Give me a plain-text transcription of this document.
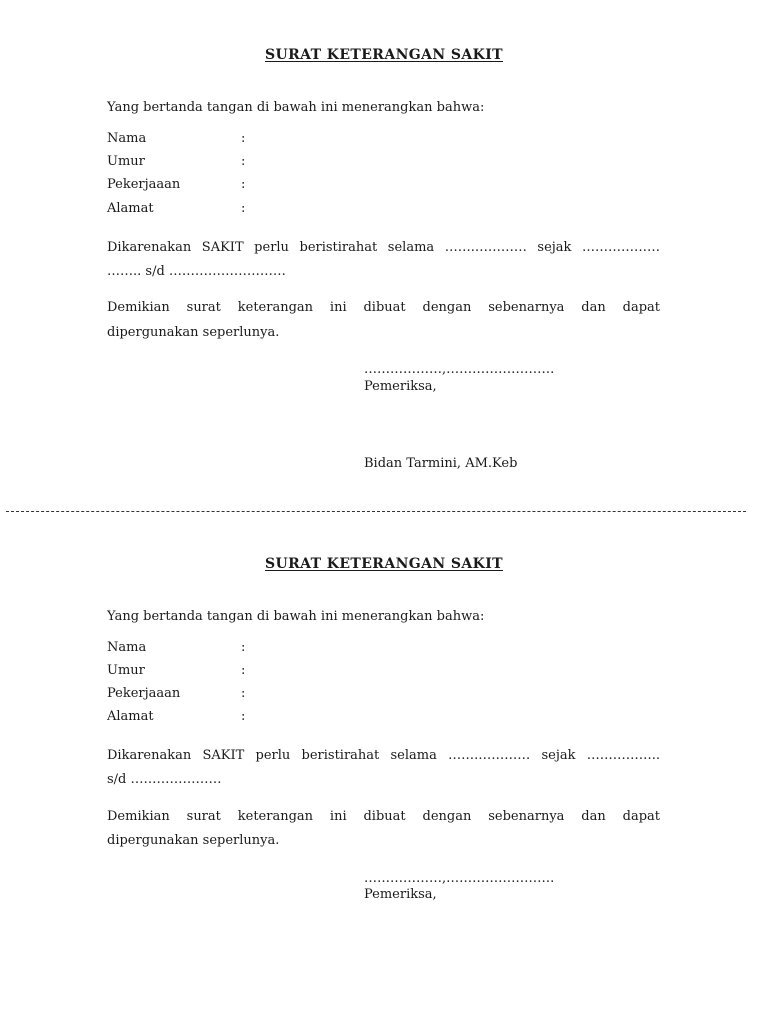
SURAT KETERANGAN SAKIT
Yang bertanda tangan di bawah ini menerangkan bahwa:
Nama	:
Umur	:
Pekerjaaan	:
Alamat	:
Dikarenakan SAKIT perlu beristirahat selama …….………… sejak ………………
…….. s/d ………………………
Demikian surat keterangan ini dibuat dengan sebenarnya dan dapat
dipergunakan seperlunya.
………………,…………………….
Pemeriksa,
Bidan Tarmini, AM.Keb
SURAT KETERANGAN SAKIT
Yang bertanda tangan di bawah ini menerangkan bahwa:
Nama	:
Umur	:
Pekerjaaan	:
Alamat	:
Dikarenakan SAKIT perlu beristirahat selama …….………… sejak ……………..
s/d …………………
Demikian surat keterangan ini dibuat dengan sebenarnya dan dapat
dipergunakan seperlunya.
………………,…………………….
Pemeriksa,
